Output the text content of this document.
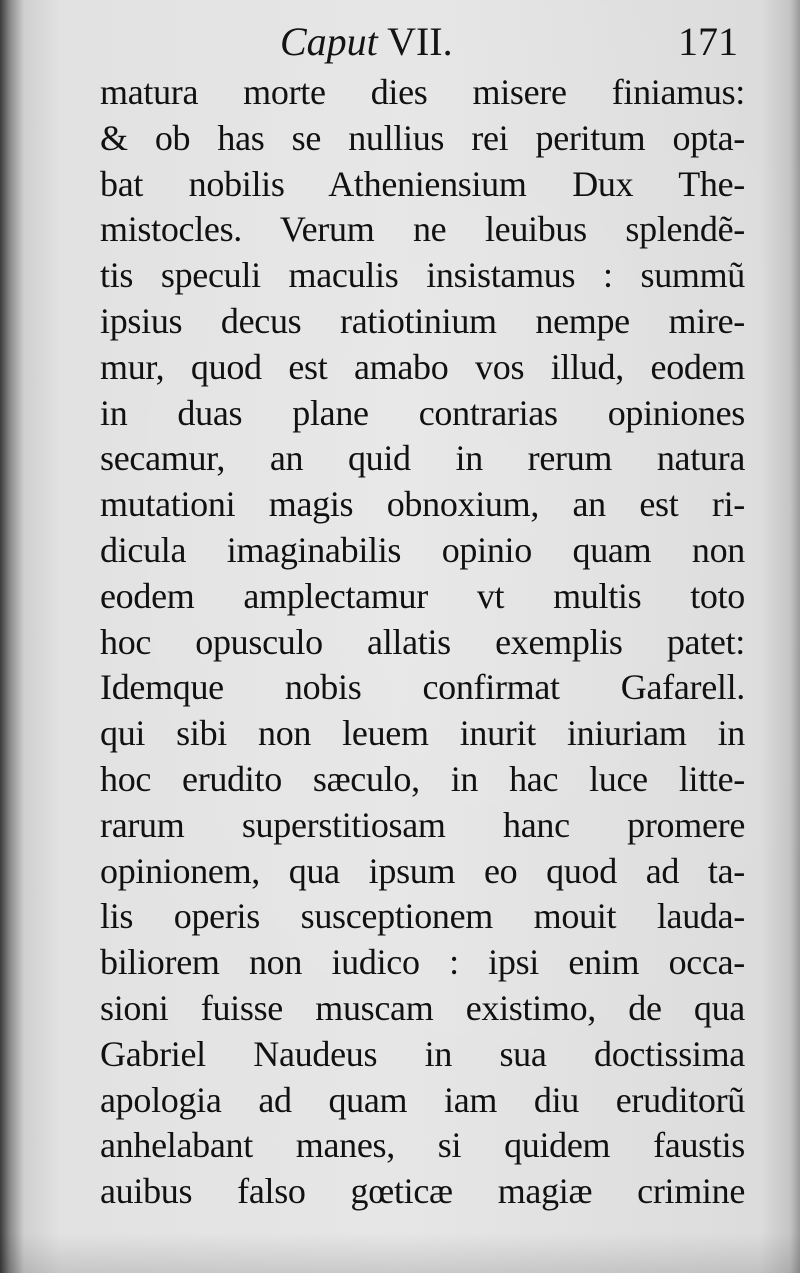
Caput VII.	171
matura morte dies misere finiamus:
& ob has se nullius rei peritum opta-
bat nobilis Atheniensium Dux The-
mistocles. Verum ne leuibus splendẽ-
tis speculi maculis insistamus : summũ
ipsius decus ratiotinium nempe mire-
mur, quod est amabo vos illud, eodem
in duas plane contrarias opiniones
secamur, an quid in rerum natura
mutationi magis obnoxium, an est ri-
dicula imaginabilis opinio quam non
eodem amplectamur vt multis toto
hoc opusculo allatis exemplis patet:
Idemque nobis confirmat Gafarell.
qui sibi non leuem inurit iniuriam in
hoc erudito sæculo, in hac luce litte-
rarum superstitiosam hanc promere
opinionem, qua ipsum eo quod ad ta-
lis operis susceptionem mouit lauda-
biliorem non iudico : ipsi enim occa-
sioni fuisse muscam existimo, de qua
Gabriel Naudeus in sua doctissima
apologia ad quam iam diu eruditorũ
anhelabant manes, si quidem faustis
auibus falso gœticæ magiæ crimine
